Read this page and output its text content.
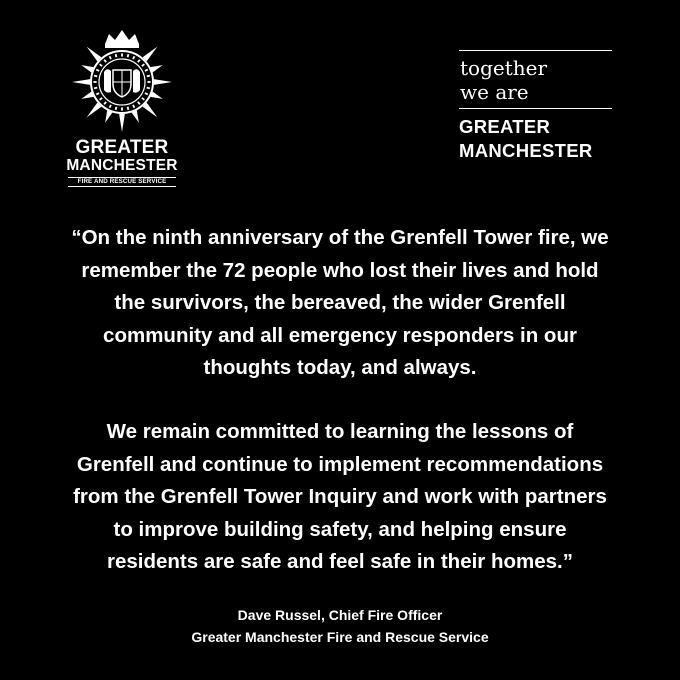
GREATER
MANCHESTER
FIRE AND RESCUE SERVICE
together
we are
GREATER
MANCHESTER
“On the ninth anniversary of the Grenfell Tower fire, we
remember the 72 people who lost their lives and hold
the survivors, the bereaved, the wider Grenfell
community and all emergency responders in our
thoughts today, and always.
We remain committed to learning the lessons of
Grenfell and continue to implement recommendations
from the Grenfell Tower Inquiry and work with partners
to improve building safety, and helping ensure
residents are safe and feel safe in their homes.”
Dave Russel, Chief Fire Officer
Greater Manchester Fire and Rescue Service
